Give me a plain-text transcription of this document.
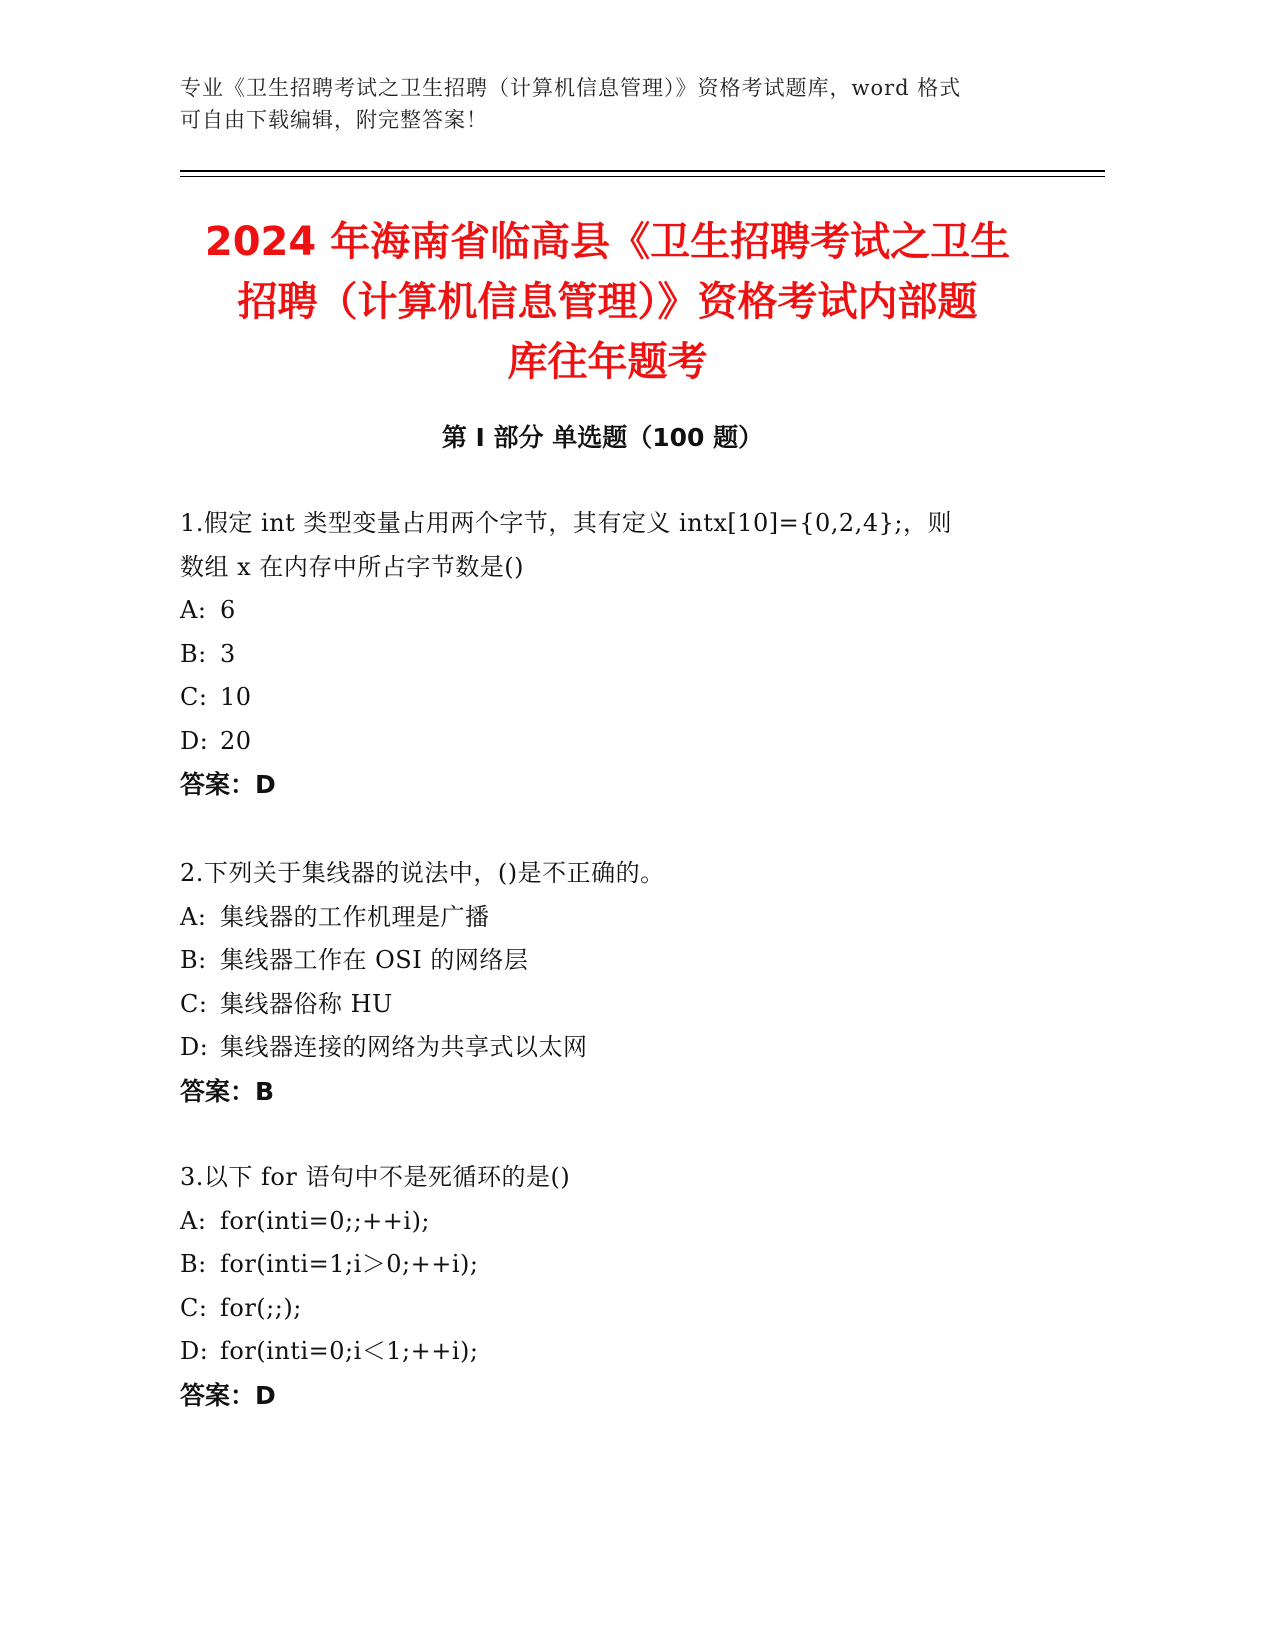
专业《卫生招聘考试之卫生招聘（计算机信息管理）》资格考试题库，word 格式
可自由下载编辑，附完整答案！
2024 年海南省临高县《卫生招聘考试之卫生
招聘（计算机信息管理）》资格考试内部题
库往年题考
第 I 部分 单选题（100 题）
1.假定 int 类型变量占用两个字节，其有定义 intx[10]={0,2,4};，则
数组 x 在内存中所占字节数是()
A: 6
B: 3
C: 10
D: 20
答案：D
2.下列关于集线器的说法中，()是不正确的。
A: 集线器的工作机理是广播
B: 集线器工作在 OSI 的网络层
C: 集线器俗称 HU
D: 集线器连接的网络为共享式以太网
答案：B
3.以下 for 语句中不是死循环的是()
A: for(inti=0;;++i);
B: for(inti=1;i＞0;++i);
C: for(;;);
D: for(inti=0;i＜1;++i);
答案：D
